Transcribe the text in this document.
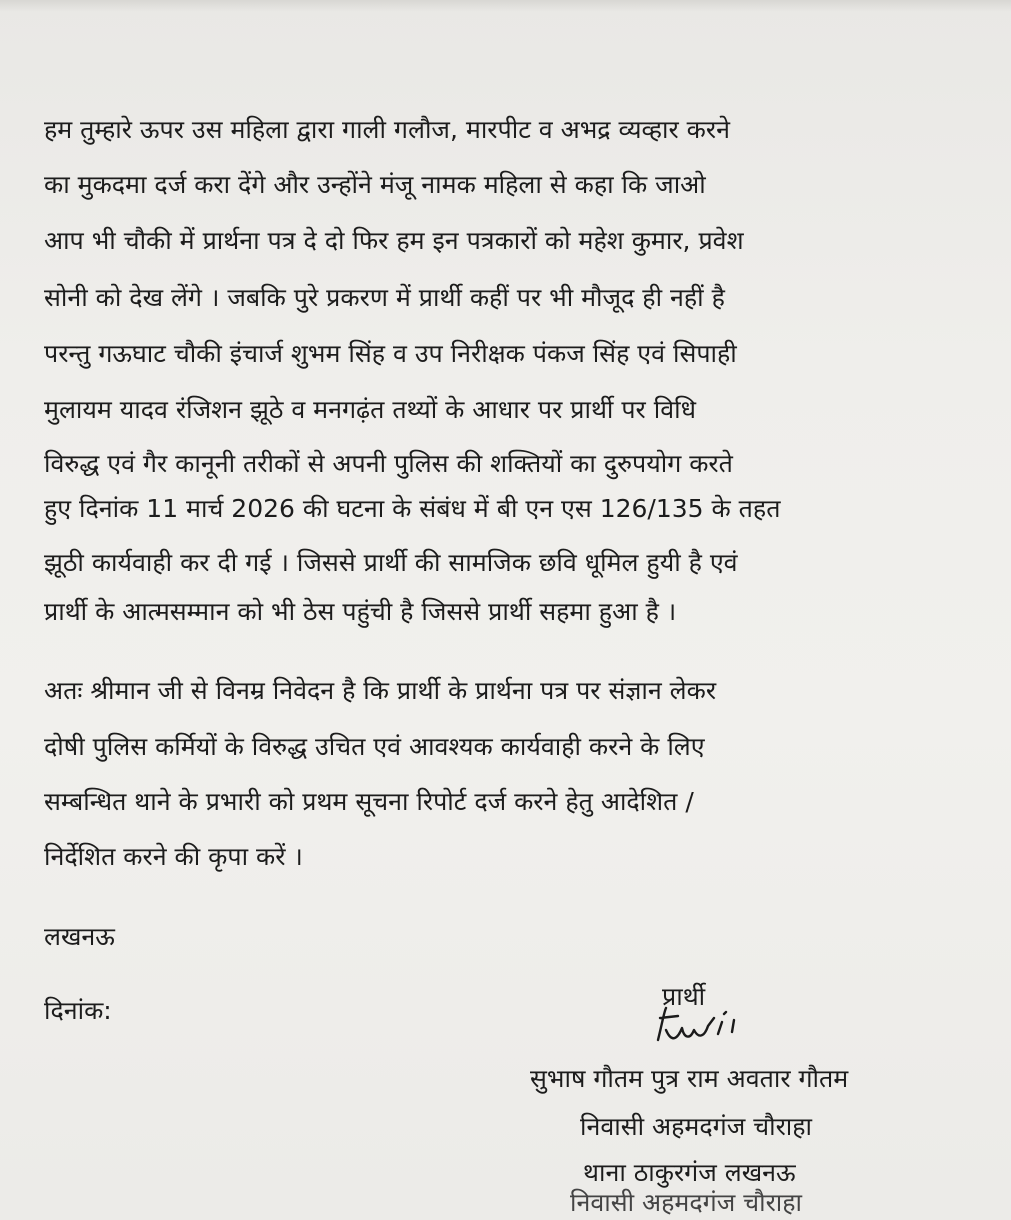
हम तुम्हारे ऊपर उस महिला द्वारा गाली गलौज, मारपीट व अभद्र व्यव्हार करने

का मुकदमा दर्ज करा देंगे और उन्होंने मंजू नामक महिला से कहा कि जाओ

आप भी चौकी में प्रार्थना पत्र दे दो फिर हम इन पत्रकारों को महेश कुमार, प्रवेश

सोनी को देख लेंगे । जबकि पुरे प्रकरण में प्रार्थी कहीं पर भी मौजूद ही नहीं है

परन्तु गऊघाट चौकी इंचार्ज शुभम सिंह व उप निरीक्षक पंकज सिंह एवं सिपाही

मुलायम यादव रंजिशन झूठे व मनगढ़ंत तथ्यों के आधार पर प्रार्थी पर विधि

विरुद्ध एवं गैर कानूनी तरीकों से अपनी पुलिस की शक्तियों का दुरुपयोग करते

हुए दिनांक 11 मार्च 2026 की घटना के संबंध में बी एन एस 126/135 के तहत

झूठी कार्यवाही कर दी गई । जिससे प्रार्थी की सामजिक छवि धूमिल हुयी है एवं

प्रार्थी के आत्मसम्मान को भी ठेस पहुंची है जिससे प्रार्थी सहमा हुआ है ।

अतः श्रीमान जी से विनम्र निवेदन है कि प्रार्थी के प्रार्थना पत्र पर संज्ञान लेकर

दोषी पुलिस कर्मियों के विरुद्ध उचित एवं आवश्यक कार्यवाही करने के लिए

सम्बन्धित थाने के प्रभारी को प्रथम सूचना रिपोर्ट दर्ज करने हेतु आदेशित /

निर्देशित करने की कृपा करें ।

लखनऊ

दिनांक:	प्रार्थी

सुभाष गौतम पुत्र राम अवतार गौतम

निवासी अहमदगंज चौराहा

थाना ठाकुरगंज लखनऊ

निवासी अहमदगंज चौराहा
